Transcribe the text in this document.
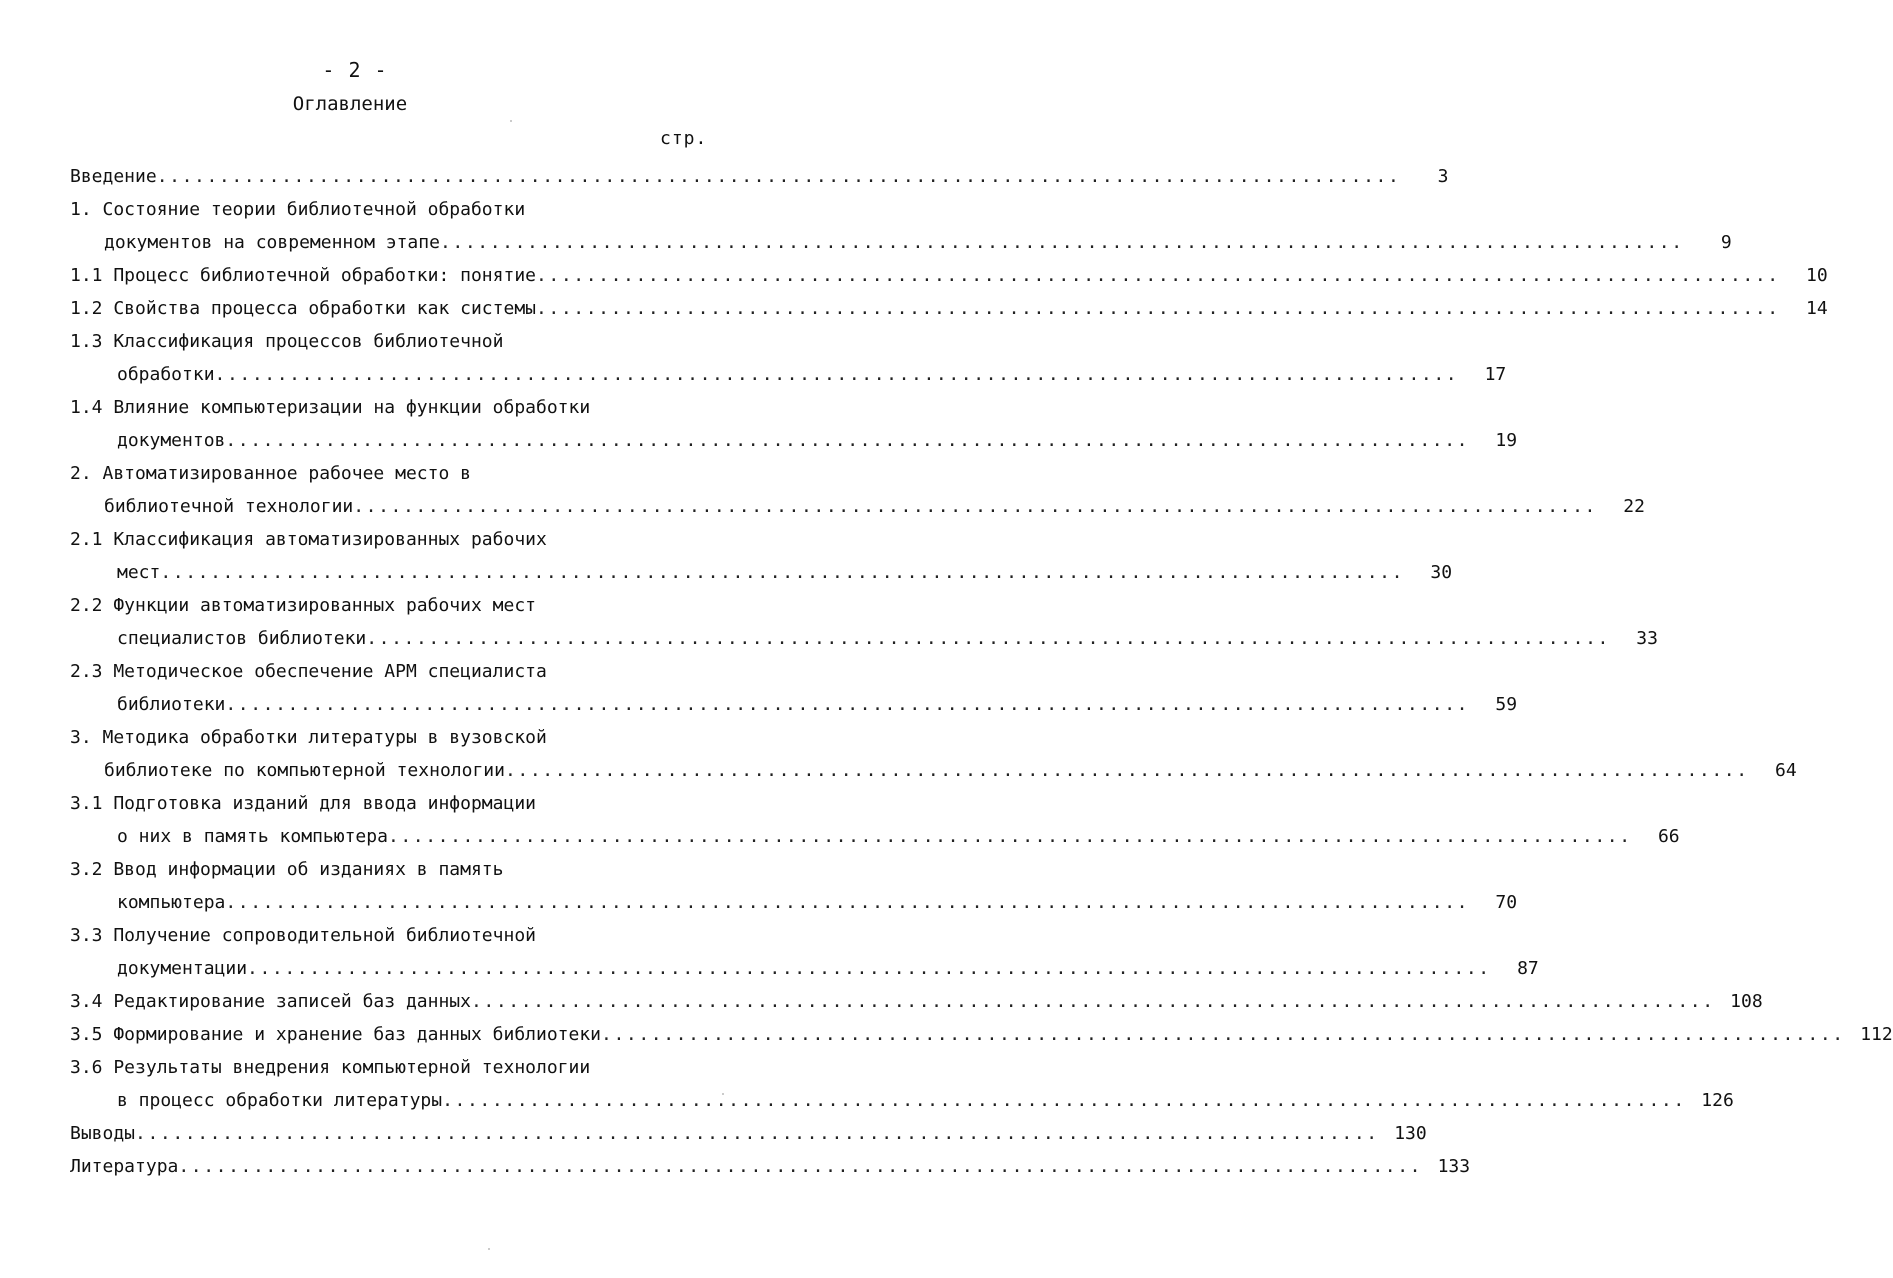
- 2 -
Оглавление
стр.
Введение .....	3
1. Состояние теории библиотечной обработки
документов на современном этапе .....	9
1.1 Процесс библиотечной обработки: понятие .....	10
1.2 Свойства процесса обработки как системы .....	14
1.3 Классификация процессов библиотечной
обработки .....	17
1.4 Влияние компьютеризации на функции обработки
документов .....	19
2. Автоматизированное рабочее место в
библиотечной технологии .....	22
2.1 Классификация автоматизированных рабочих
мест .....	30
2.2 Функции автоматизированных рабочих мест
специалистов библиотеки .....	33
2.3 Методическое обеспечение АРМ специалиста
библиотеки .....	59
3. Методика обработки литературы в вузовской
библиотеке по компьютерной технологии .....	64
3.1 Подготовка изданий для ввода информации
о них в память компьютера .....	66
3.2 Ввод информации об изданиях в память
компьютера .....	70
3.3 Получение сопроводительной библиотечной
документации .....	87
3.4 Редактирование записей баз данных .....	108
3.5 Формирование и хранение баз данных библиотеки .....	112
3.6 Результаты внедрения компьютерной технологии
в процесс обработки литературы .....	126
Выводы .....	130
Литература .....	133
